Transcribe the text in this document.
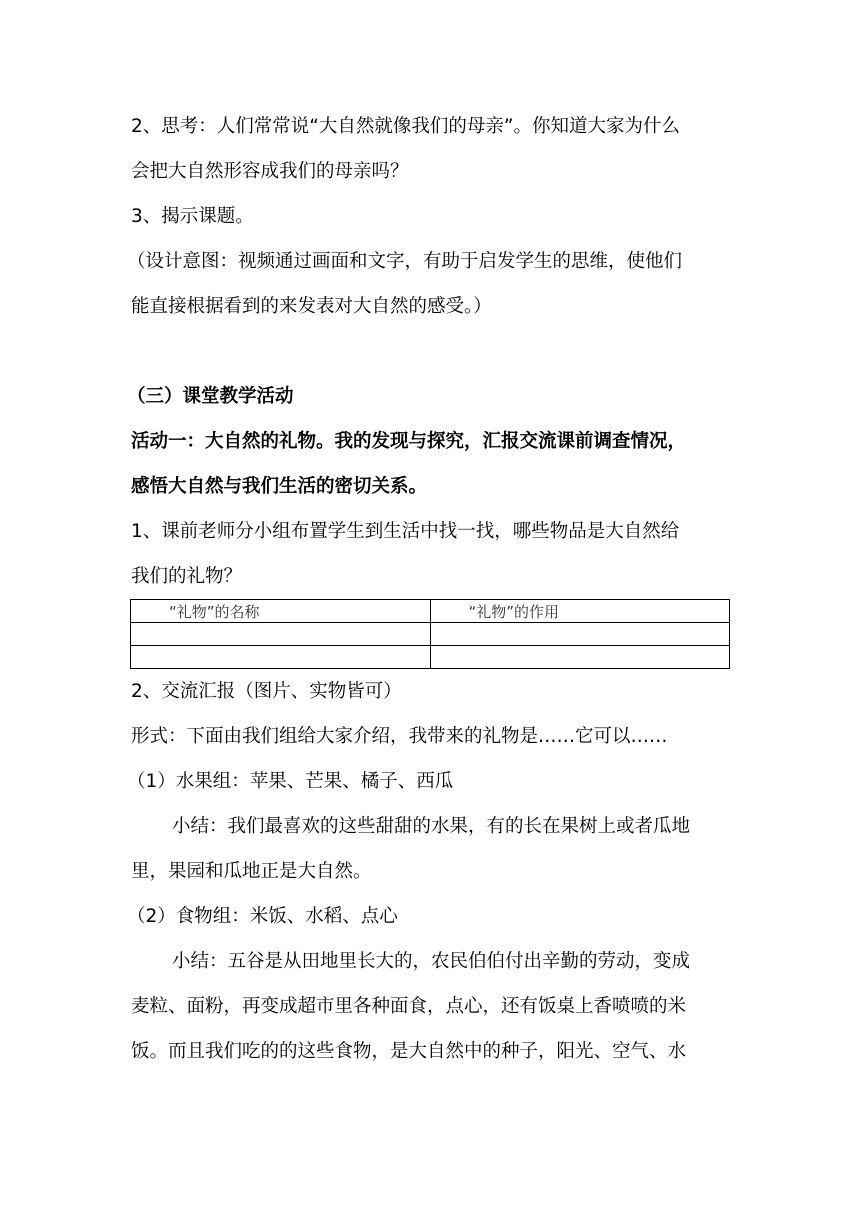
2、思考：人们常常说“大自然就像我们的母亲”。你知道大家为什么
会把大自然形容成我们的母亲吗？
3、揭示课题。
（设计意图：视频通过画面和文字，有助于启发学生的思维，使他们
能直接根据看到的来发表对大自然的感受。）
（三）课堂教学活动
活动一：大自然的礼物。我的发现与探究，汇报交流课前调查情况，
感悟大自然与我们生活的密切关系。
1、课前老师分小组布置学生到生活中找一找，哪些物品是大自然给
我们的礼物？
“礼物”的名称	“礼物”的作用

2、交流汇报（图片、实物皆可）
形式：下面由我们组给大家介绍，我带来的礼物是……它可以……
（1）水果组：苹果、芒果、橘子、西瓜
小结：我们最喜欢的这些甜甜的水果，有的长在果树上或者瓜地
里，果园和瓜地正是大自然。
（2）食物组：米饭、水稻、点心
小结：五谷是从田地里长大的，农民伯伯付出辛勤的劳动，变成
麦粒、面粉，再变成超市里各种面食，点心，还有饭桌上香喷喷的米
饭。而且我们吃的的这些食物，是大自然中的种子，阳光、空气、水
